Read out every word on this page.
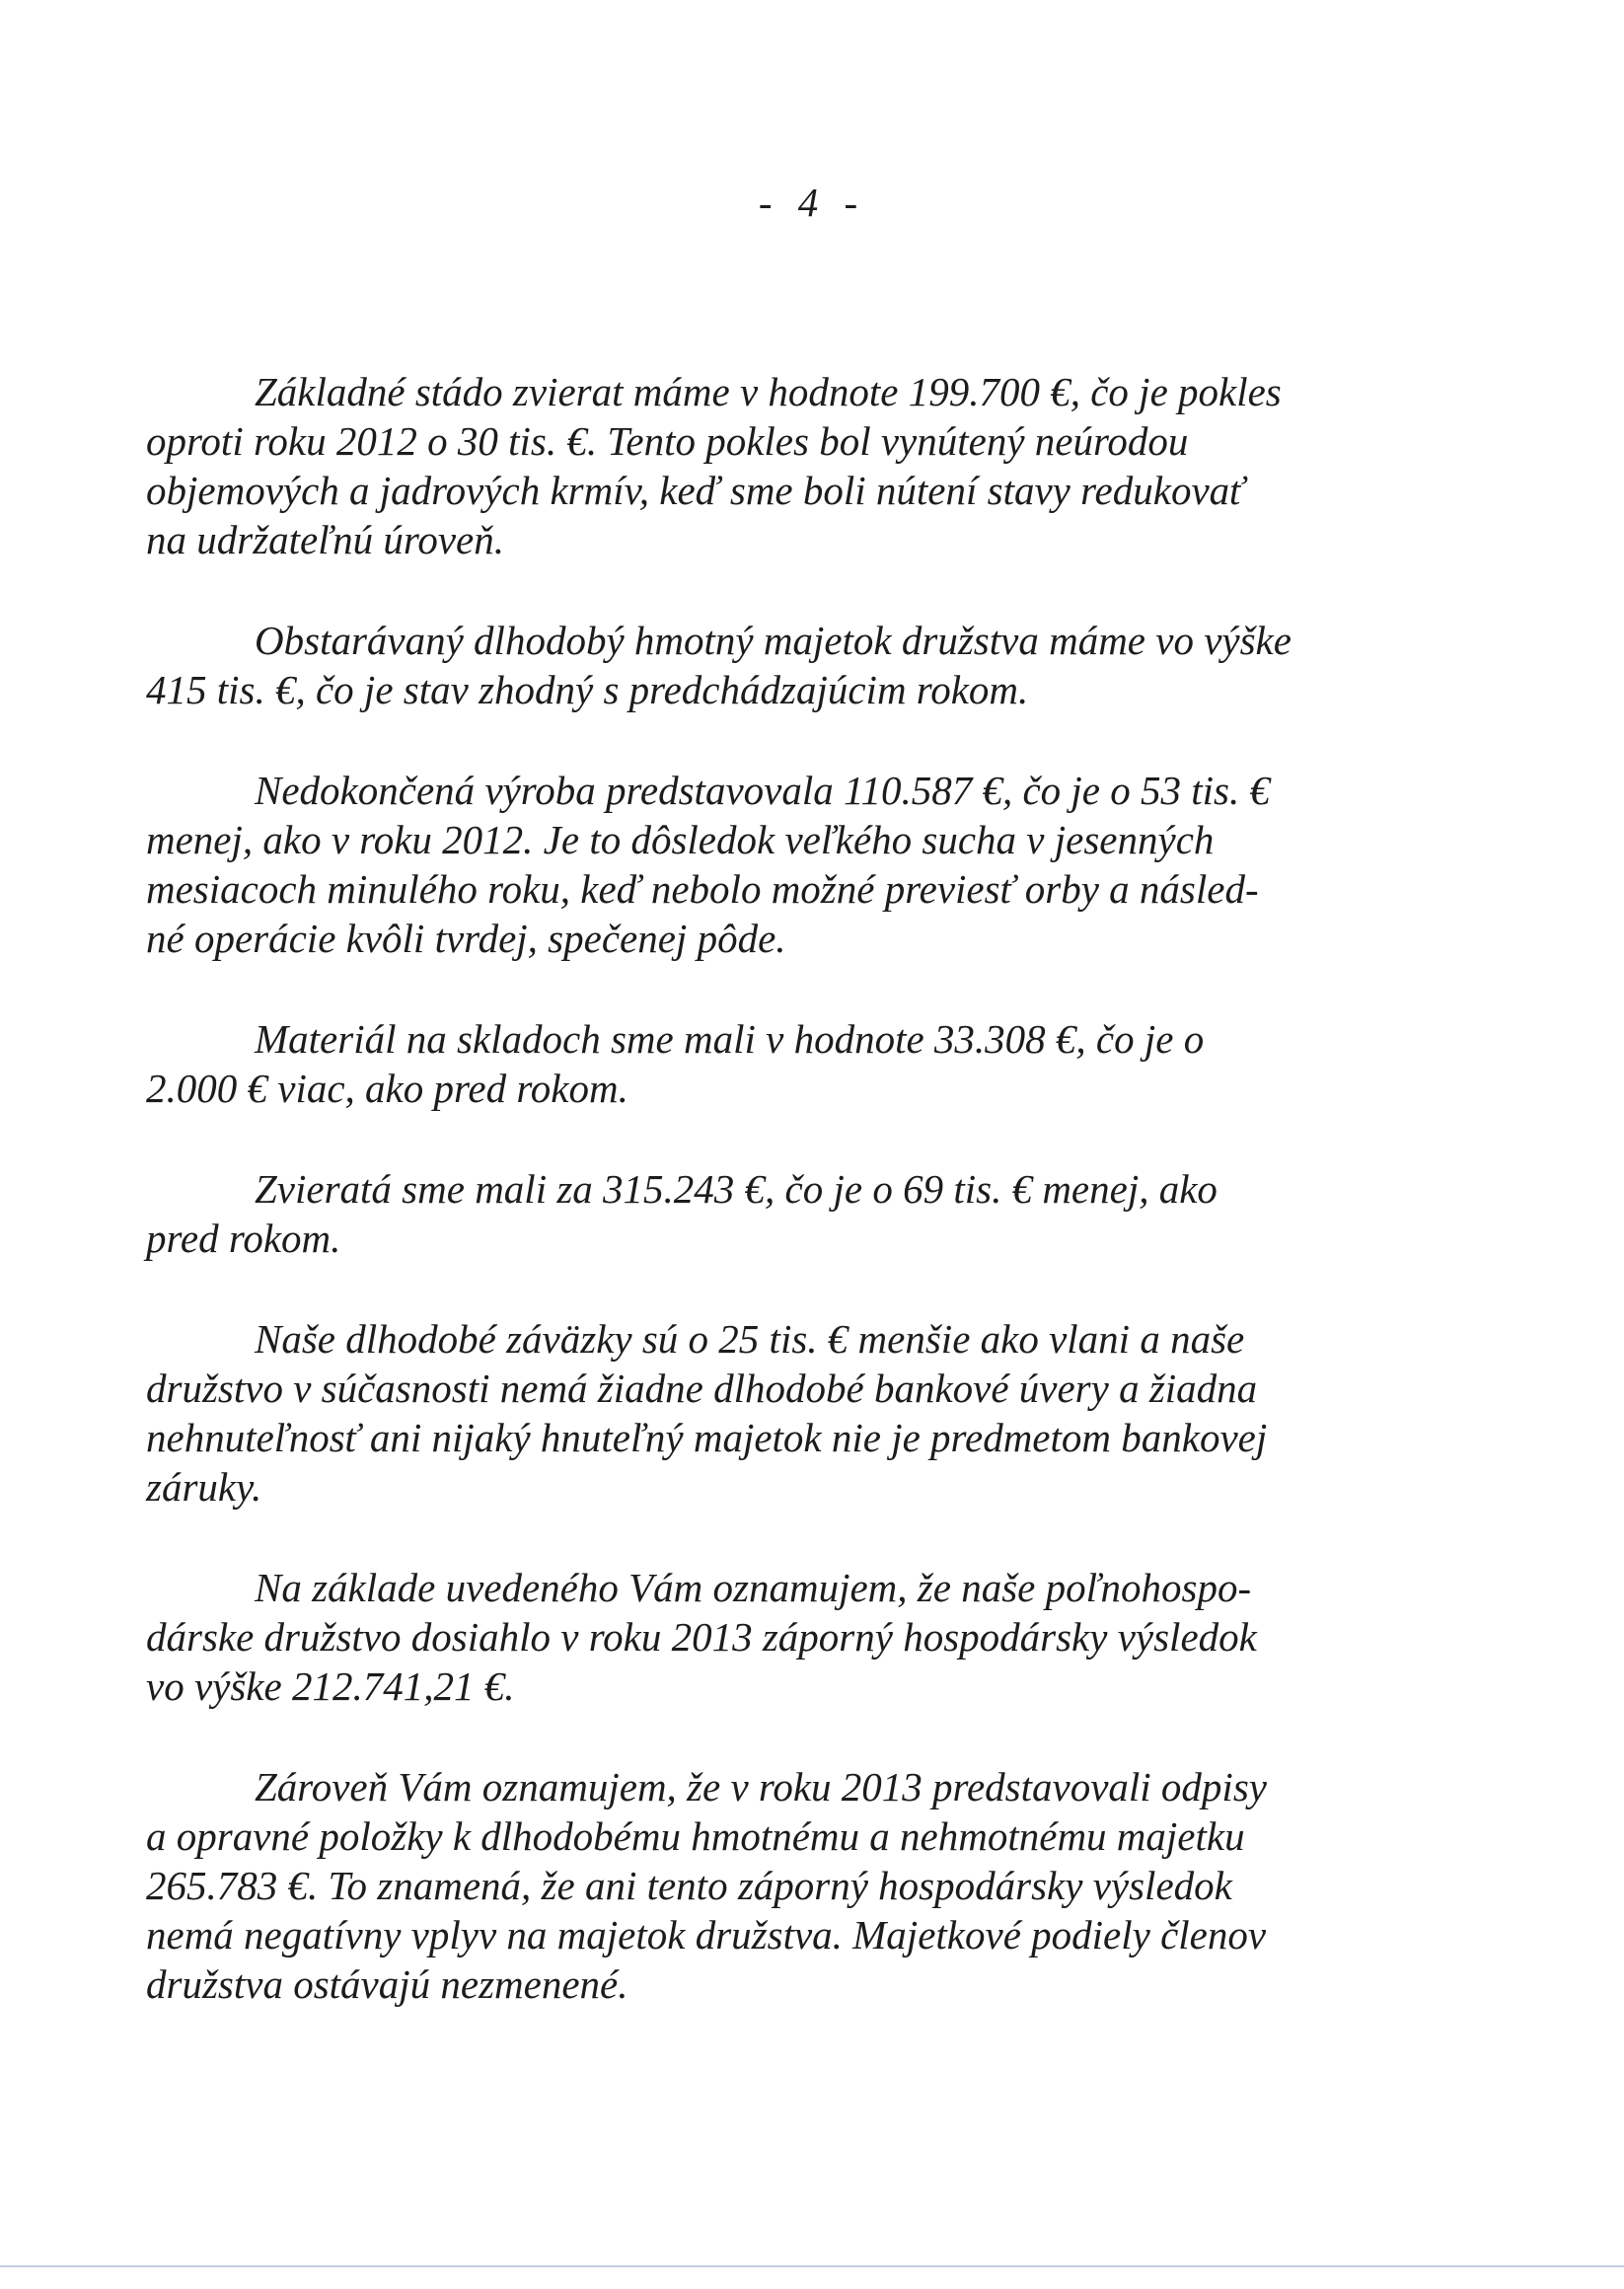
- 4 -

Základné stádo zvierat máme v hodnote 199.700 €, čo je pokles
oproti roku 2012 o 30 tis. €. Tento pokles bol vynútený neúrodou
objemových a jadrových krmív, keď sme boli nútení stavy redukovať
na udržateľnú úroveň.

Obstarávaný dlhodobý hmotný majetok družstva máme vo výške
415 tis. €, čo je stav zhodný s predchádzajúcim rokom.

Nedokončená výroba predstavovala 110.587 €, čo je o 53 tis. €
menej, ako v roku 2012. Je to dôsledok veľkého sucha v jesenných
mesiacoch minulého roku, keď nebolo možné previesť orby a násled-
né operácie kvôli tvrdej, spečenej pôde.

Materiál na skladoch sme mali v hodnote 33.308 €, čo je o
2.000 € viac, ako pred rokom.

Zvieratá sme mali za 315.243 €, čo je o 69 tis. € menej, ako
pred rokom.

Naše dlhodobé záväzky sú o 25 tis. € menšie ako vlani a naše
družstvo v súčasnosti nemá žiadne dlhodobé bankové úvery a žiadna
nehnuteľnosť ani nijaký hnuteľný majetok nie je predmetom bankovej
záruky.

Na základe uvedeného Vám oznamujem, že naše poľnohospo-
dárske družstvo dosiahlo v roku 2013 záporný hospodársky výsledok
vo výške 212.741,21 €.

Zároveň Vám oznamujem, že v roku 2013 predstavovali odpisy
a opravné položky k dlhodobému hmotnému a nehmotnému majetku
265.783 €. To znamená, že ani tento záporný hospodársky výsledok
nemá negatívny vplyv na majetok družstva. Majetkové podiely členov
družstva ostávajú nezmenené.
